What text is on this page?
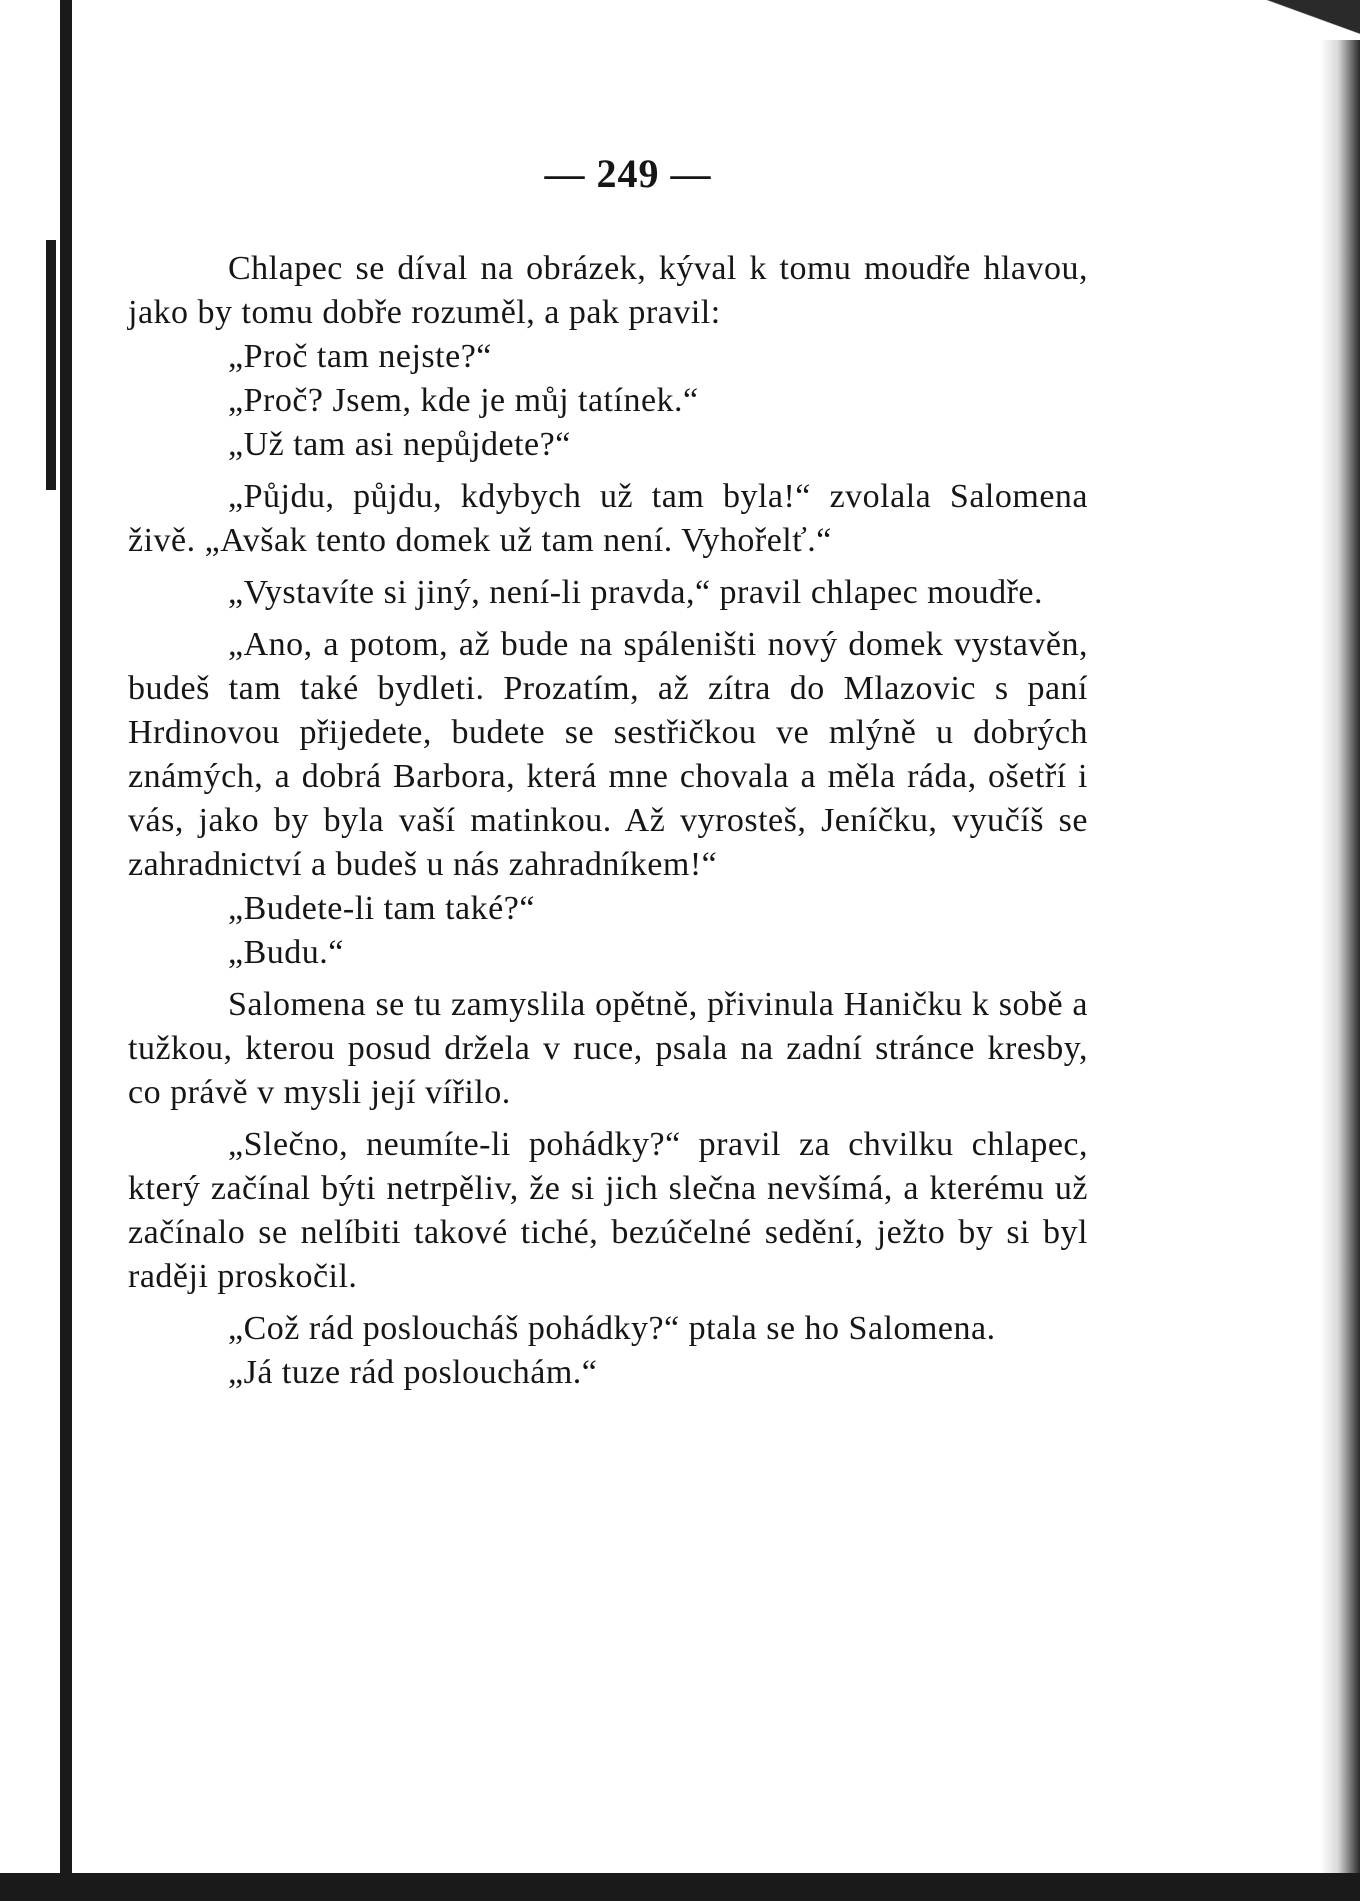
— 249 —

Chlapec se díval na obrázek, kýval k tomu moudře hlavou, jako by tomu dobře rozuměl, a pak pravil:

„Proč tam nejste?“

„Proč? Jsem, kde je můj tatínek.“

„Už tam asi nepůjdete?“

„Půjdu, půjdu, kdybych už tam byla!“ zvolala Salomena živě. „Avšak tento domek už tam není. Vyhořelť.“

„Vystavíte si jiný, není-li pravda,“ pravil chlapec moudře.

„Ano, a potom, až bude na spáleništi nový domek vystavěn, budeš tam také bydleti. Prozatím, až zítra do Mlazovic s paní Hrdinovou přijedete, budete se sestřičkou ve mlýně u dobrých známých, a dobrá Barbora, která mne chovala a měla ráda, ošetří i vás, jako by byla vaší matinkou. Až vyrosteš, Jeníčku, vyučíš se zahradnictví a budeš u nás zahradníkem!“

„Budete-li tam také?“

„Budu.“

Salomena se tu zamyslila opětně, přivinula Haničku k sobě a tužkou, kterou posud držela v ruce, psala na zadní stránce kresby, co právě v mysli její vířilo.

„Slečno, neumíte-li pohádky?“ pravil za chvilku chlapec, který začínal býti netrpěliv, že si jich slečna nevšímá, a kterému už začínalo se nelíbiti takové tiché, bezúčelné sedění, ježto by si byl raději proskočil.

„Což rád posloucháš pohádky?“ ptala se ho Salomena.

„Já tuze rád poslouchám.“
